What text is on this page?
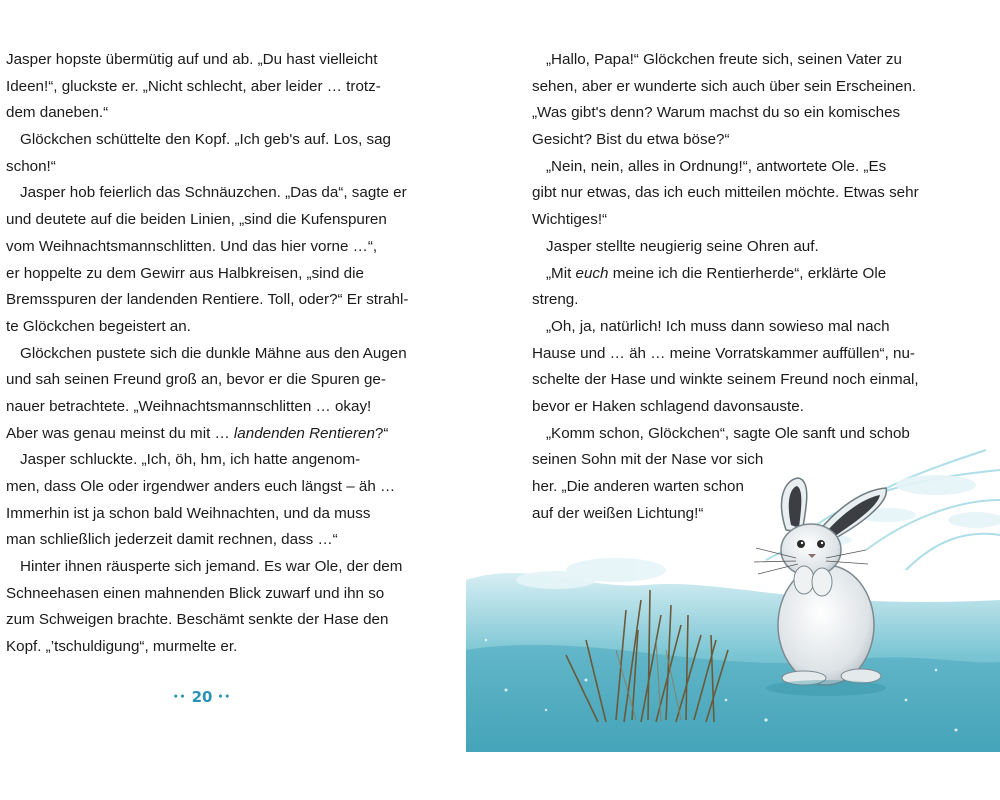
Jasper hopste übermütig auf und ab. „Du hast vielleicht
Ideen!“, gluckste er. „Nicht schlecht, aber leider … trotz-
dem daneben.“
Glöckchen schüttelte den Kopf. „Ich geb's auf. Los, sag
schon!“
Jasper hob feierlich das Schnäuzchen. „Das da“, sagte er
und deutete auf die beiden Linien, „sind die Kufenspuren
vom Weihnachtsmannschlitten. Und das hier vorne …“,
er hoppelte zu dem Gewirr aus Halbkreisen, „sind die
Bremsspuren der landenden Rentiere. Toll, oder?“ Er strahl-
te Glöckchen begeistert an.
Glöckchen pustete sich die dunkle Mähne aus den Augen
und sah seinen Freund groß an, bevor er die Spuren ge-
nauer betrachtete. „Weihnachtsmannschlitten … okay!
Aber was genau meinst du mit … landenden Rentieren?“
Jasper schluckte. „Ich, öh, hm, ich hatte angenom-
men, dass Ole oder irgendwer anders euch längst – äh …
Immerhin ist ja schon bald Weihnachten, und da muss
man schließlich jederzeit damit rechnen, dass …“
Hinter ihnen räusperte sich jemand. Es war Ole, der dem
Schneehasen einen mahnenden Blick zuwarf und ihn so
zum Schweigen brachte. Beschämt senkte der Hase den
Kopf. „’tschuldigung“, murmelte er.
•• 20 ••
„Hallo, Papa!“ Glöckchen freute sich, seinen Vater zu
sehen, aber er wunderte sich auch über sein Erscheinen.
„Was gibt's denn? Warum machst du so ein komisches
Gesicht? Bist du etwa böse?“
„Nein, nein, alles in Ordnung!“, antwortete Ole. „Es
gibt nur etwas, das ich euch mitteilen möchte. Etwas sehr
Wichtiges!“
Jasper stellte neugierig seine Ohren auf.
„Mit euch meine ich die Rentierherde“, erklärte Ole
streng.
„Oh, ja, natürlich! Ich muss dann sowieso mal nach
Hause und … äh … meine Vorratskammer auffüllen“, nu-
schelte der Hase und winkte seinem Freund noch einmal,
bevor er Haken schlagend davonsauste.
„Komm schon, Glöckchen“, sagte Ole sanft und schob
seinen Sohn mit der Nase vor sich
her. „Die anderen warten schon
auf der weißen Lichtung!“
